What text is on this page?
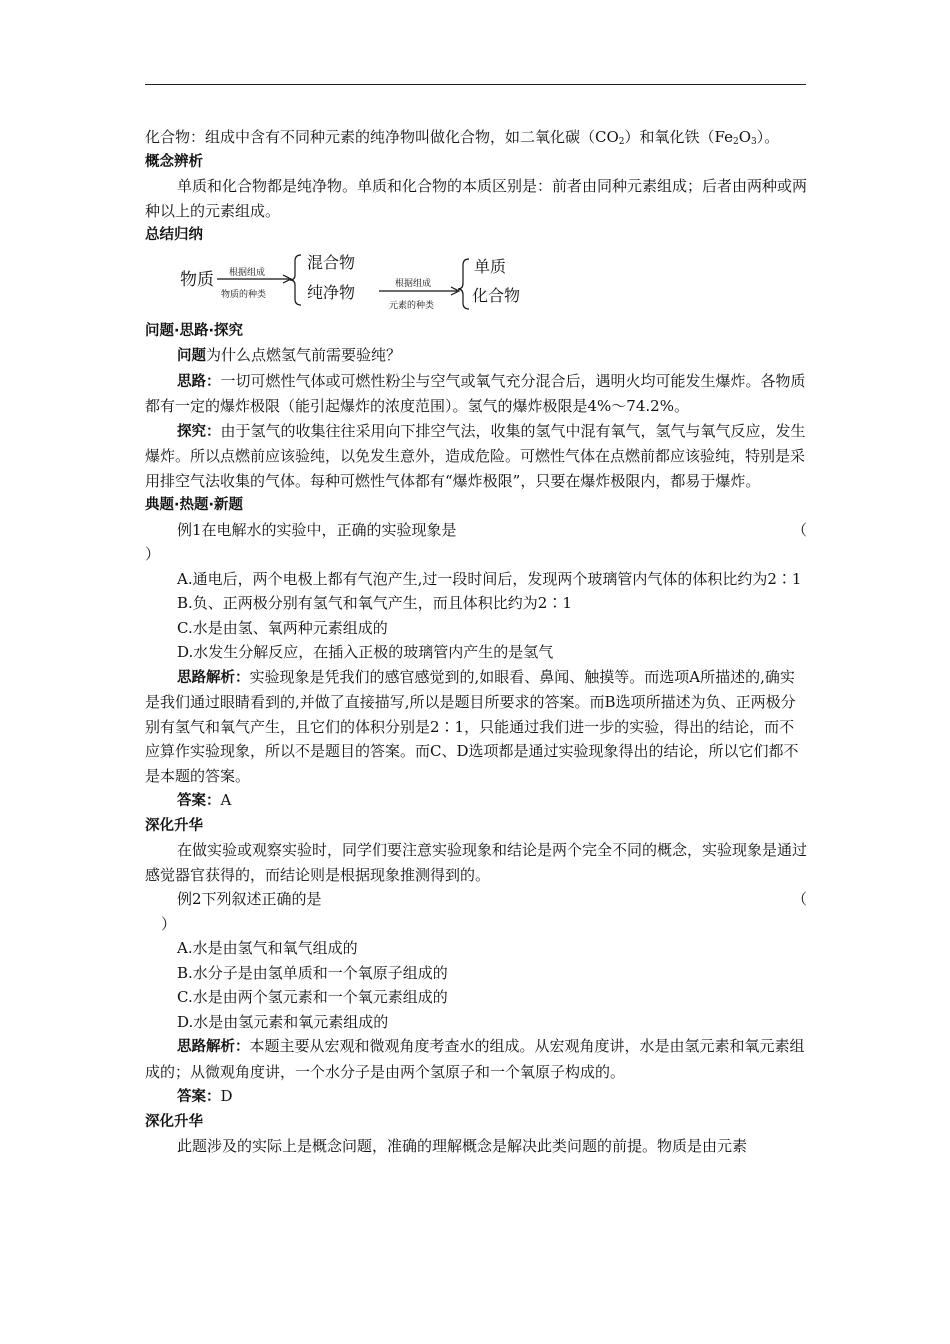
化合物：组成中含有不同种元素的纯净物叫做化合物，如二氧化碳$(CO_2)$和氧化铁$(Fe_2O_3)$。

概念辨析

单质和化合物都是纯净物。单质和化合物的本质区别是：前者由同种元素组成；后者由两种或两种以上的元素组成。

总结归纳

物质 根据组成
物质的种类
混合物
纯净物	根据组成
元素的种类
单质
化合物

问题·思路·探究

问题为什么点燃氢气前需要验纯？

思路：一切可燃性气体或可燃性粉尘与空气或氧气充分混合后，遇明火均可能发生爆炸。各物质都有一定的爆炸极限（能引起爆炸的浓度范围）。氢气的爆炸极限是4%～74.2%。

探究：由于氢气的收集往往采用向下排空气法，收集的氢气中混有氧气，氢气与氧气反应，发生爆炸。所以点燃前应该验纯，以免发生意外，造成危险。可燃性气体在点燃前都应该验纯，特别是采用排空气法收集的气体。每种可燃性气体都有“爆炸极限”，只要在爆炸极限内，都易于爆炸。

典题·热题·新题

例1在电解水的实验中，正确的实验现象是	（

）

A.通电后，两个电极上都有气泡产生,过一段时间后，发现两个玻璃管内气体的体积比约为2∶1

B.负、正两极分别有氢气和氧气产生，而且体积比约为2∶1

C.水是由氢、氧两种元素组成的

D.水发生分解反应，在插入正极的玻璃管内产生的是氢气

思路解析：实验现象是凭我们的感官感觉到的,如眼看、鼻闻、触摸等。而选项A所描述的,确实是我们通过眼睛看到的,并做了直接描写,所以是题目所要求的答案。而B选项所描述为负、正两极分别有氢气和氧气产生，且它们的体积分别是2∶1，只能通过我们进一步的实验，得出的结论，而不应算作实验现象，所以不是题目的答案。而C、D选项都是通过实验现象得出的结论，所以它们都不是本题的答案。

答案：A

深化升华

在做实验或观察实验时，同学们要注意实验现象和结论是两个完全不同的概念，实验现象是通过感觉器官获得的，而结论则是根据现象推测得到的。

例2下列叙述正确的是	（

）

A.水是由氢气和氧气组成的

B.水分子是由氢单质和一个氧原子组成的

C.水是由两个氢元素和一个氧元素组成的

D.水是由氢元素和氧元素组成的

思路解析：本题主要从宏观和微观角度考查水的组成。从宏观角度讲，水是由氢元素和氧元素组成的；从微观角度讲，一个水分子是由两个氢原子和一个氧原子构成的。

答案：D

深化升华

此题涉及的实际上是概念问题，准确的理解概念是解决此类问题的前提。物质是由元素
